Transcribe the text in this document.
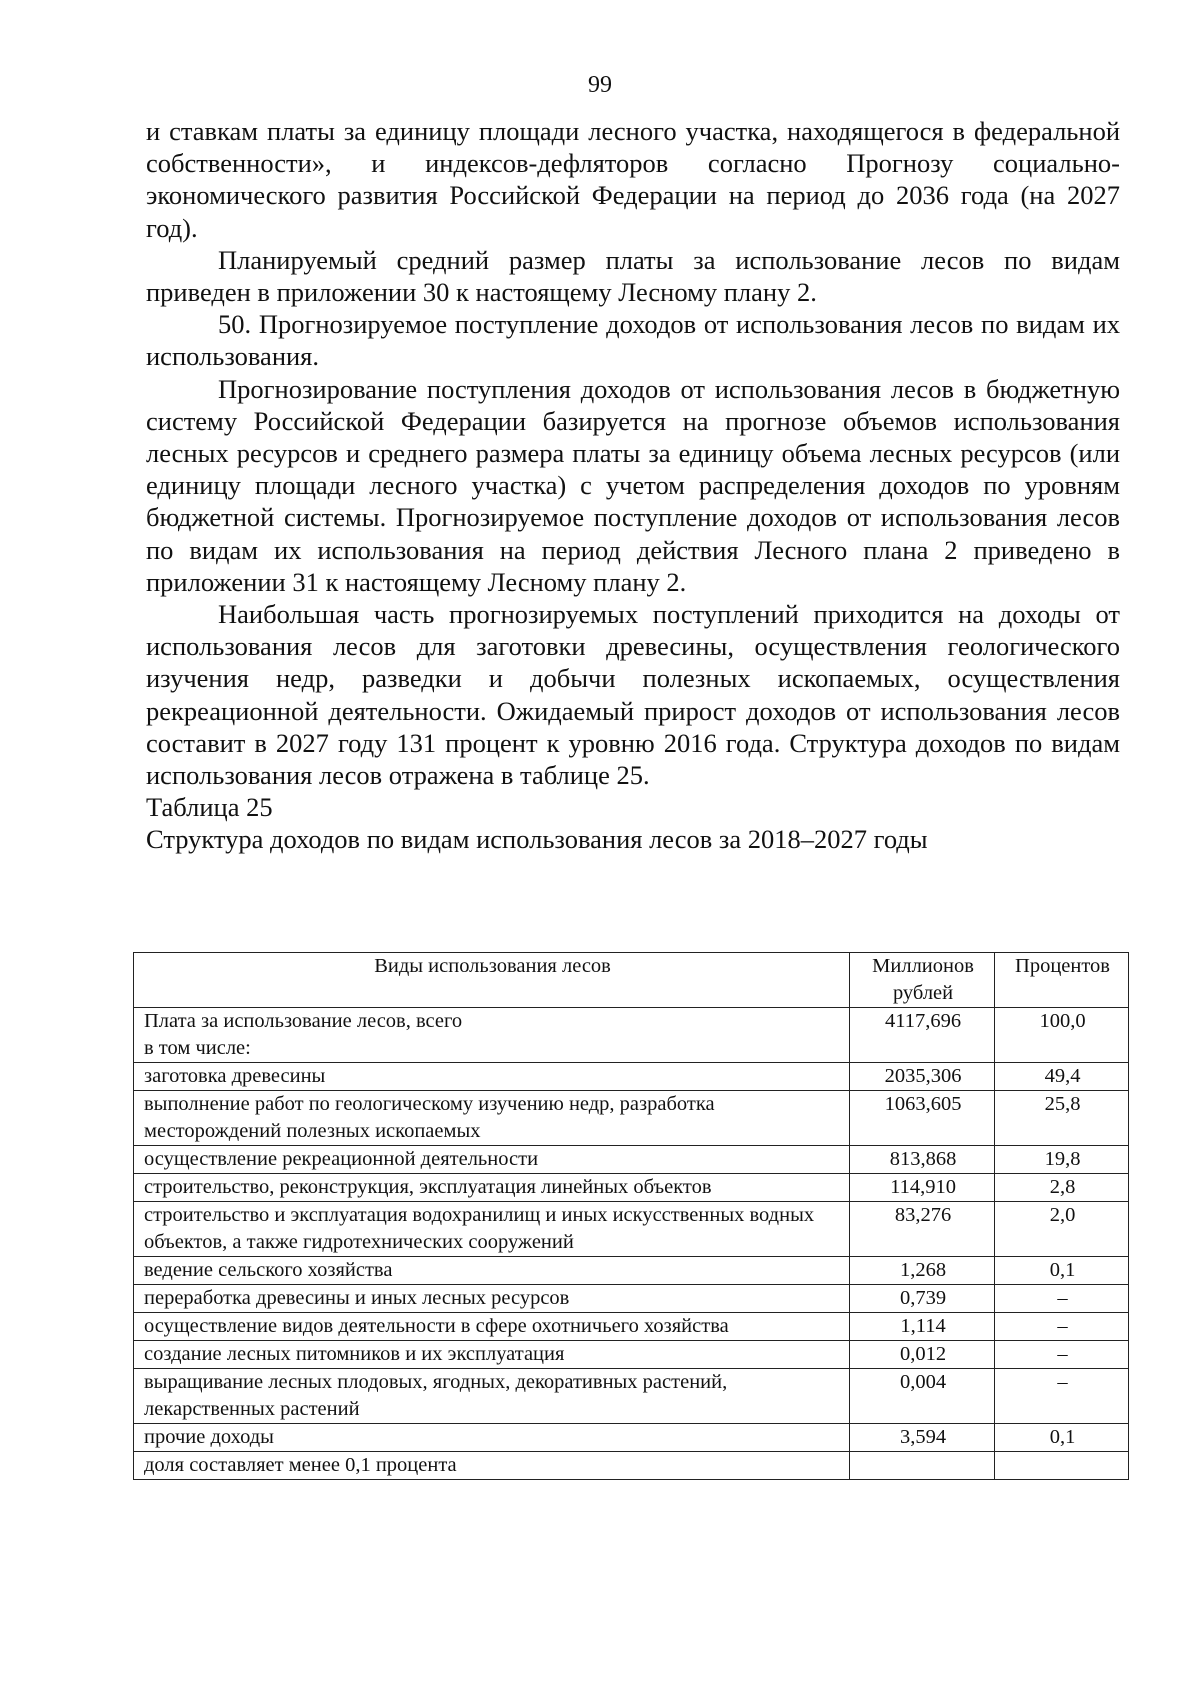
99

и ставкам платы за единицу площади лесного участка, находящегося в федеральной собственности», и индексов-дефляторов согласно Прогнозу социально-экономического развития Российской Федерации на период до 2036 года (на 2027 год).

Планируемый средний размер платы за использование лесов по видам приведен в приложении 30 к настоящему Лесному плану 2.

50. Прогнозируемое поступление доходов от использования лесов по видам их использования.

Прогнозирование поступления доходов от использования лесов в бюджетную систему Российской Федерации базируется на прогнозе объемов использования лесных ресурсов и среднего размера платы за единицу объема лесных ресурсов (или единицу площади лесного участка) с учетом распределения доходов по уровням бюджетной системы. Прогнозируемое поступление доходов от использования лесов по видам их использования на период действия Лесного плана 2 приведено в приложении 31 к настоящему Лесному плану 2.

Наибольшая часть прогнозируемых поступлений приходится на доходы от использования лесов для заготовки древесины, осуществления геологического изучения недр, разведки и добычи полезных ископаемых, осуществления рекреационной деятельности. Ожидаемый прирост доходов от использования лесов составит в 2027 году 131 процент к уровню 2016 года. Структура доходов по видам использования лесов отражена в таблице 25.

Таблица 25

Структура доходов по видам использования лесов за 2018–2027 годы

Виды использования лесов	Миллионов рублей	Процентов
Плата за использование лесов, всего
в том числе:	4117,696	100,0
заготовка древесины	2035,306	49,4
выполнение работ по геологическому изучению недр, разработка месторождений полезных ископаемых	1063,605	25,8
осуществление рекреационной деятельности	813,868	19,8
строительство, реконструкция, эксплуатация линейных объектов	114,910	2,8
строительство и эксплуатация водохранилищ и иных искусственных водных объектов, а также гидротехнических сооружений	83,276	2,0
ведение сельского хозяйства	1,268	0,1
переработка древесины и иных лесных ресурсов	0,739	–
осуществление видов деятельности в сфере охотничьего хозяйства	1,114	–
создание лесных питомников и их эксплуатация	0,012	–
выращивание лесных плодовых, ягодных, декоративных растений, лекарственных растений	0,004	–
прочие доходы	3,594	0,1
доля составляет менее 0,1 процента		
